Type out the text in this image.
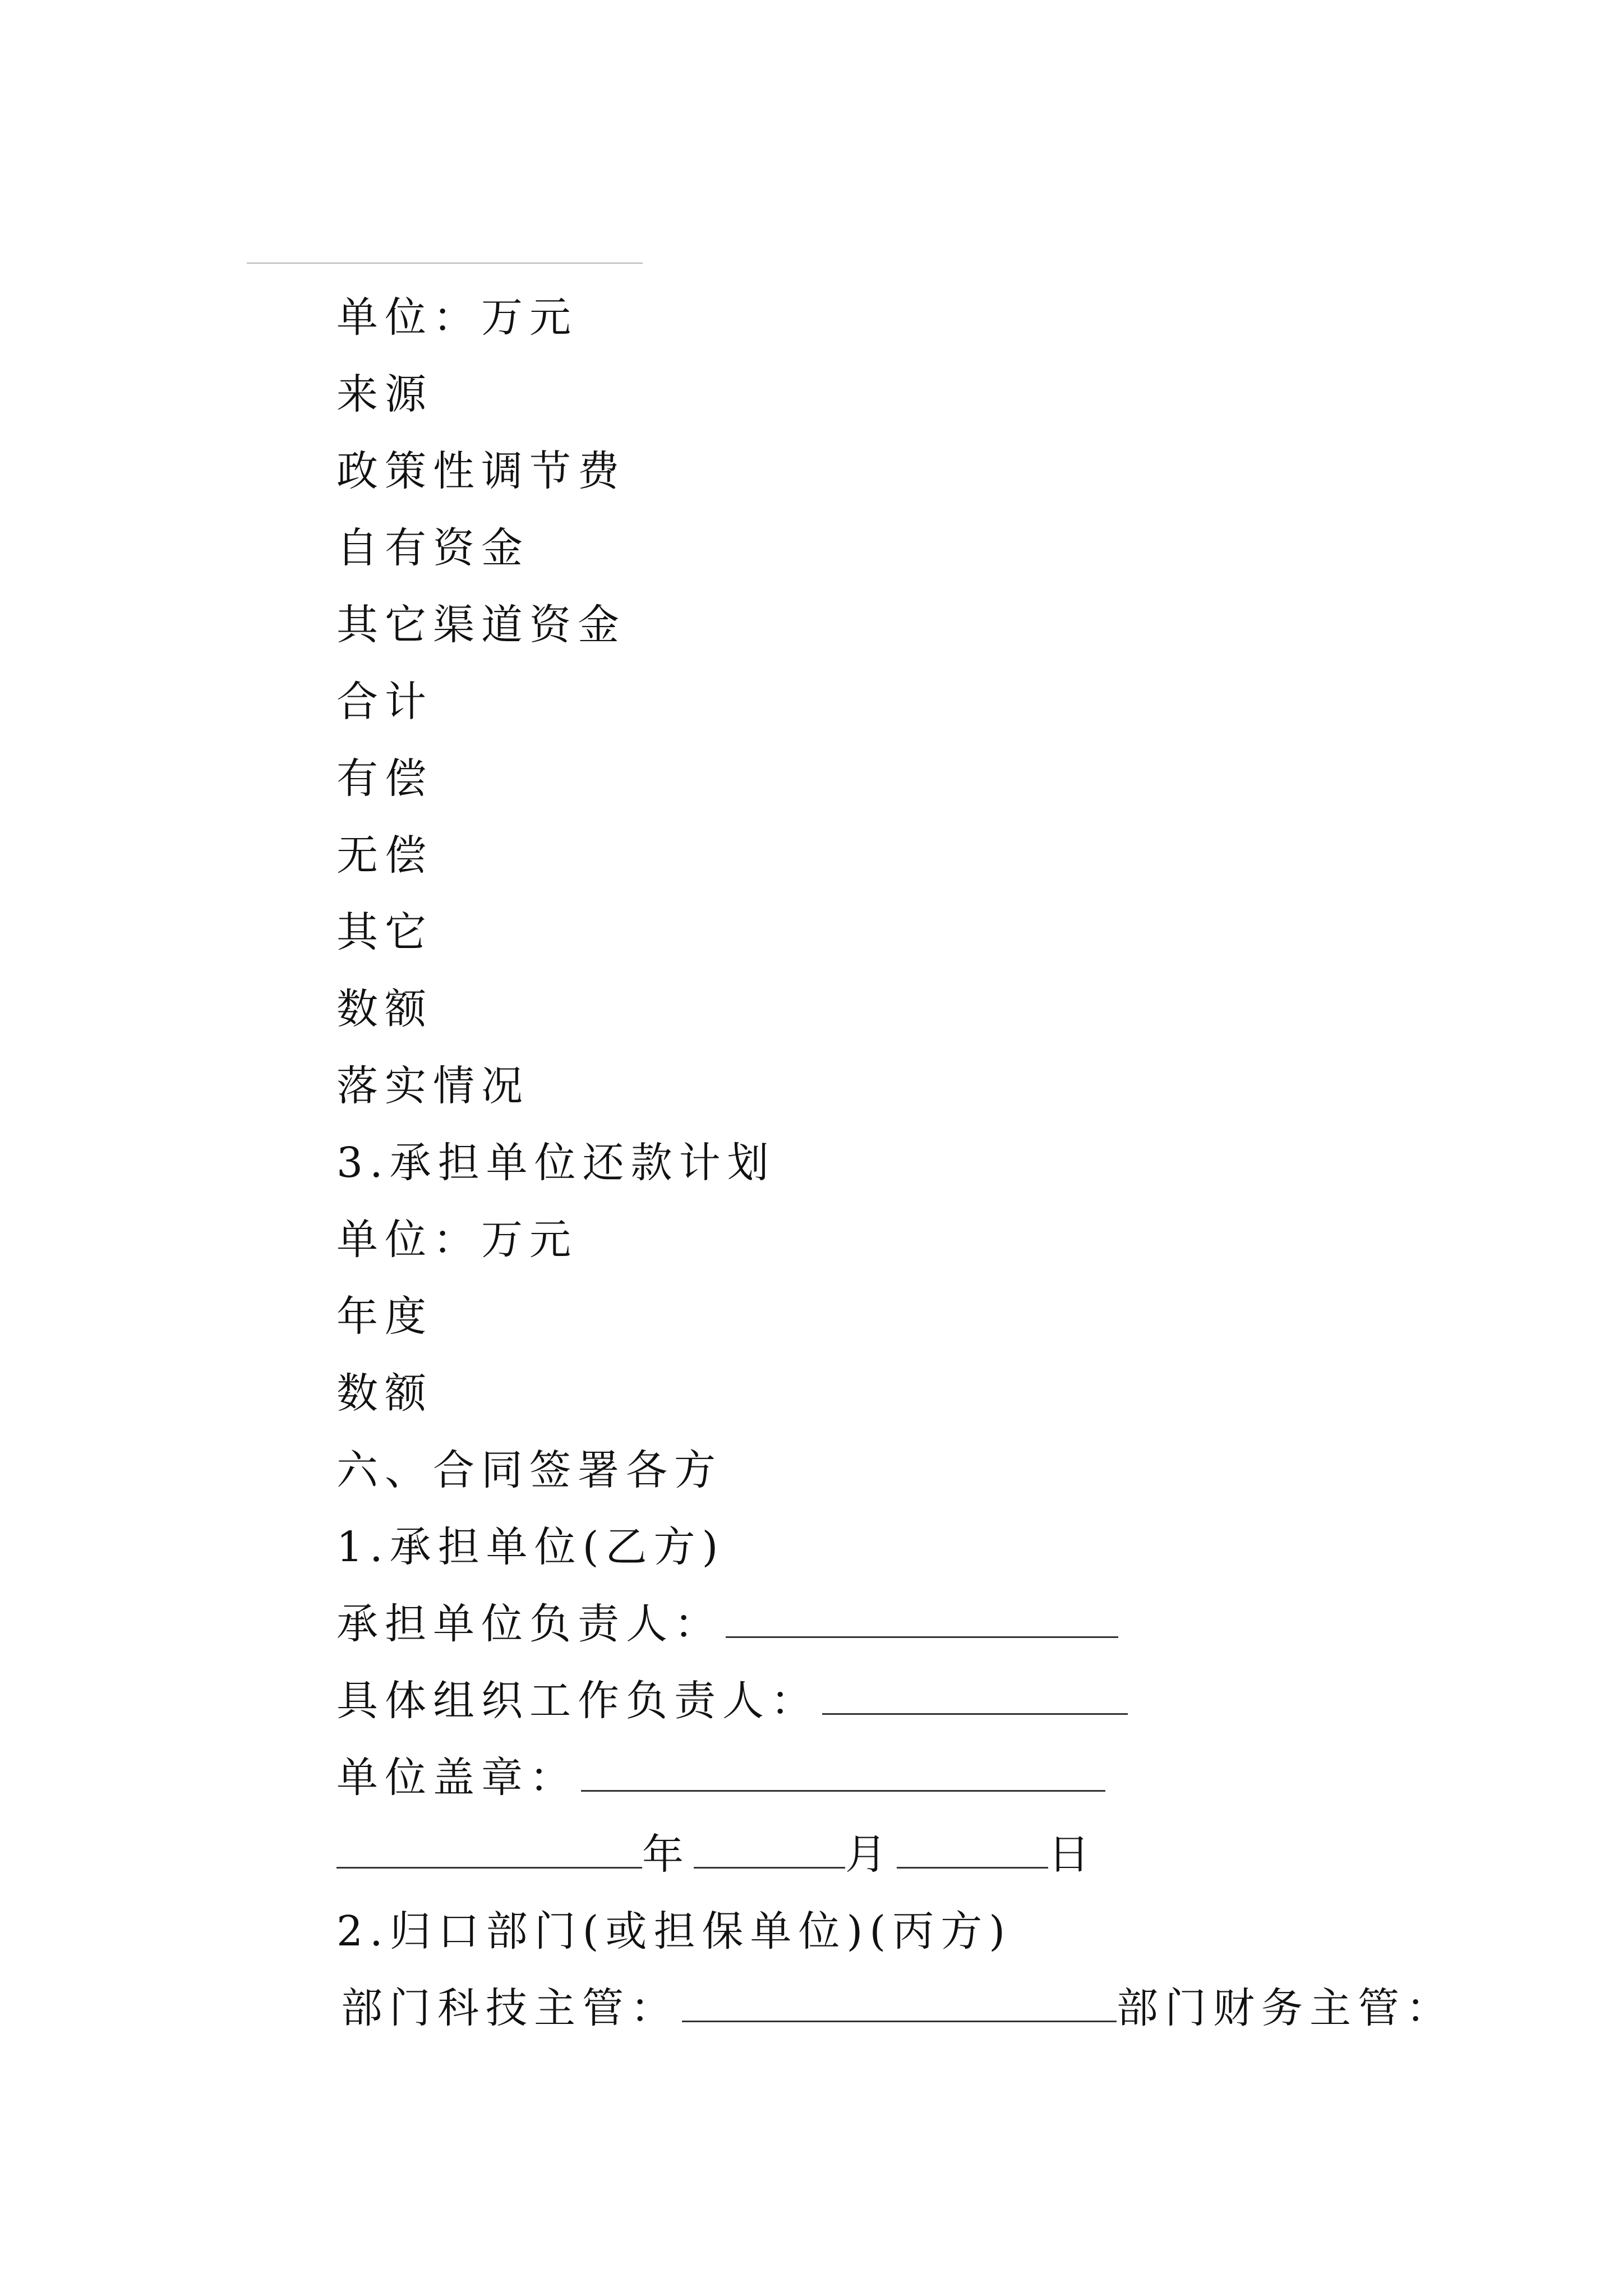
单位：万元
来源
政策性调节费
自有资金
其它渠道资金
合计
有偿
无偿
其它
数额
落实情况
3.承担单位还款计划
单位：万元
年度
数额
六、合同签署各方
1.承担单位(乙方)
承担单位负责人：
具体组织工作负责人：
单位盖章：
年	月	日
2.归口部门(或担保单位)(丙方)
部门科技主管：	部门财务主管：
